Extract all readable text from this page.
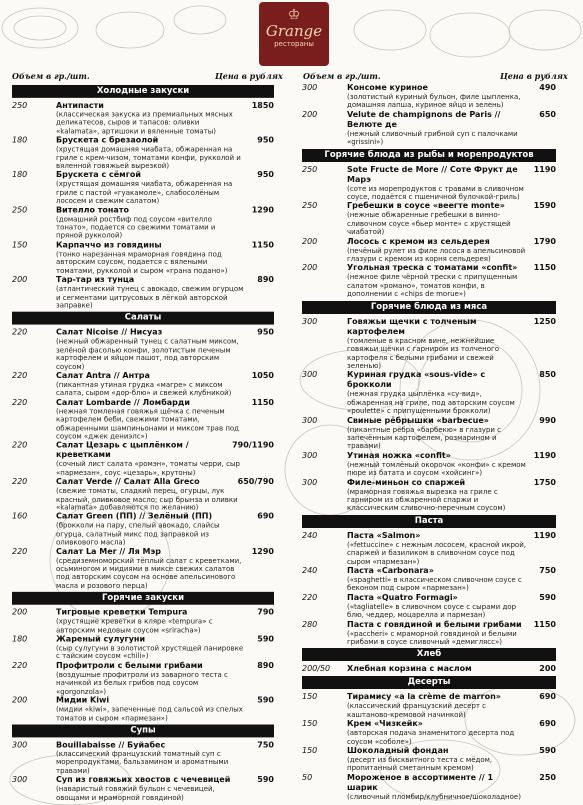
♔
Grange
рестораны
Объем в гр./шт.	Цена в рублях	Объем в гр./шт.	Цена в рублях
Холодные закуски
250	Антипасти
(классическая закуска из премиальных мясных деликатесов, сыров и тапасов: оливки «kalamata», артишоки и вяленные томаты)
1850
180	Брускета с брезаолой
(хрустящая домашняя чиабата, обжаренная на гриле с крем-чизом, томатами конфи, рукколой и вяленной говяжьей вырезкой)
950
180	Брускета с сёмгой
(хрустящая домашняя чиабата, обжаренная на гриле с пастой «гуакамоле», слабосолёным лососем и свежим салатом)
950
250	Вителло тонато
(домашний ростбиф под соусом «вителло тонато», подается со свежими томатами и пряной рукколой)
1290
150	Карпаччо из говядины
(тонко нарезанная мраморная говядина под авторским соусом, подается с вялеными томатами, рукколой и сыром «грана подано»)
1150
200	Тар-тар из тунца
(атлантический тунец с авокадо, свежим огурцом и сегментами цитрусовых в лёгкой авторской заправке)
890
Салаты
220	Салат Nicoise // Нисуаз
(нежный обжаренный тунец с салатным миксом, зелёной фасолью конфи, золотистым печеным картофелем и яйцом пашот, под авторским соусом)
950
220	Салат Antra // Антра
(пикантная утиная грудка «магре» с миксом салата, сыром «дор-блю» и свежей клубникой)
1050
220	Салат Lombarde // Ломбарди
(нежная томленая говяжья щёчка с печеным картофелем беби, свежими томатами, обжаренными шампиньонами и миксом трав под соусом «джек дениэлс»)
1150
220	Салат Цезарь с цыплёнком / креветками
(сочный лист салата «ромэн», томаты черри, сыр «пармезан», соус «цезарь», крутоны)
790/1190
220	Салат Verde // Салат Alla Greco
(свежие томаты, сладкий перец, огурцы, лук красный, оливковое масло; сыр брынза и оливки «kalamata» добавляются по желанию)
650/790
160	Салат Green (ПП) // Зелёный (ПП)
(брокколи на пару, спелый авокадо, слайсы огурца, салатный микс под заправкой из оливкового масла)
690
220	Салат La Mer // Ля Мэр
(средиземноморский тёплый салат с креветками, осьминогом и мидиями в миксе свежих салатов под авторским соусом на основе апельсинового масла и розового перца)
1290
Горячие закуски
200	Тигровые креветки Tempura
(хрустящие креветки в кляре «tempura» с авторским медовым соусом «sriracha»)
790
180	Жареный сулугуни
(сыр сулугуни в золотистой хрустящей панировке с тайским соусом «chili»)
590
220	Профитроли с белыми грибами
(воздушные профитроли из заварного теста с начинкой из белых грибов под соусом «gorgonzola»)
890
200	Мидии Kiwi
(мидии «kiwi», запеченные под сальсой из спелых томатов и сыром «пармезан»)
590
Супы
300	Bouillabaisse // Буйабес
(классический французский томатный суп с морепродуктами, бальзамином и ароматными травами)
750
300	Суп из говяжьих хвостов с чечевицей
(наваристый говяжий бульон с чечевицей, овощами и мраморной говядиной)
590
300	Консоме куриное
(золотистый куриный бульон, филе цыпленка, домашняя лапша, куриное яйцо и зелень)
490
200	Velute de champignons de Paris // Велюте де
(нежный сливочный грибной суп с палочками «grissini»)
650
Горячие блюда из рыбы и морепродуктов
250	Sote Fructe de More // Соте Фрукт де Марэ
(соте из морепродуктов с травами в сливочном соусе, подаётся с пшеничной булочкой-гриль)
1190
250	Гребешки в соусе «веегте monte»
(нежные обжаренные гребешки в винно-сливочном соусе «бьер монте» с хрустящей чиабатой)
1590
200	Лосось с кремом из сельдерея
(печёный рулет из филе лосося в апельсиновой глазури с кремом из корня сельдерея)
1790
200	Угольная треска с томатами «confit»
(нежное филе чёрной трески с припущенным салатом «романо», томатов конфи, в дополнении с «chips de morue»)
1150
Горячие блюда из мяса
300	Говяжьи щечки с толченым картофелем
(томленые в красном вине, нежнейшие говяжьи щёчки с гарниром из толченого картофеля с белыми грибами и свежей зеленью)
1250
300	Куриная грудка «sous-vide» с брокколи
(нежная грудка цыплёнка «су-вид», обжаренная на гриле, под авторским соусом «poulette» с припущенными брокколи)
850
300	Свиные рёбрышки «barbecue»
(пикантные рёбра «барбекю» в глазури с запечённым картофелем, розмарином и травами)
990
300	Утиная ножка «confit»
(нежный томлёный окорочок «конфи» с кремом пюре из батата и соусом «хойсинг»)
1190
300	Филе-миньон со спаржей
(мраморная говяжья вырезка на гриле с гарниром из обжаренной спаржи и классическим сливочно-перечным соусом)
1750
Паста
240	Паста «Salmon»
(«fettuccine» с нежным лососем, красной икрой, спаржей и базиликом в сливочном соусе под сыром «пармезан»)
1190
240	Паста «Carbonara»
(«spaghetti» в классическом сливочном соусе с беконом под сыром «пармезан»)
750
220	Паста «Quatro Formagi»
(«tagliatelle» в сливочном соусе с сырами дор блю, чеддер, моцарелла и пармезан)
590
280	Паста с говядиной и белыми грибами
(«paccheri» с мраморной говядиной и белыми грибами в соусе сливочный «демиглясс»)
1150
Хлеб
200/50 Хлебная корзина с маслом	200
Десерты
150	Тирамису «a la crème de marron»
(классический французский десерт с каштаново-кремовой начинкой)
690
150	Крем «Чизкейк»
(авторская подача знаменитого десерта под соусом «соболе»)
690
150	Шоколадный фондан
(десерт из бисквитного теста с мёдом, пропитанный сметанным кремом)
590
50	Мороженое в ассортименте // 1 шарик
(сливочный пломбир/клубничное/шоколадное)
250
